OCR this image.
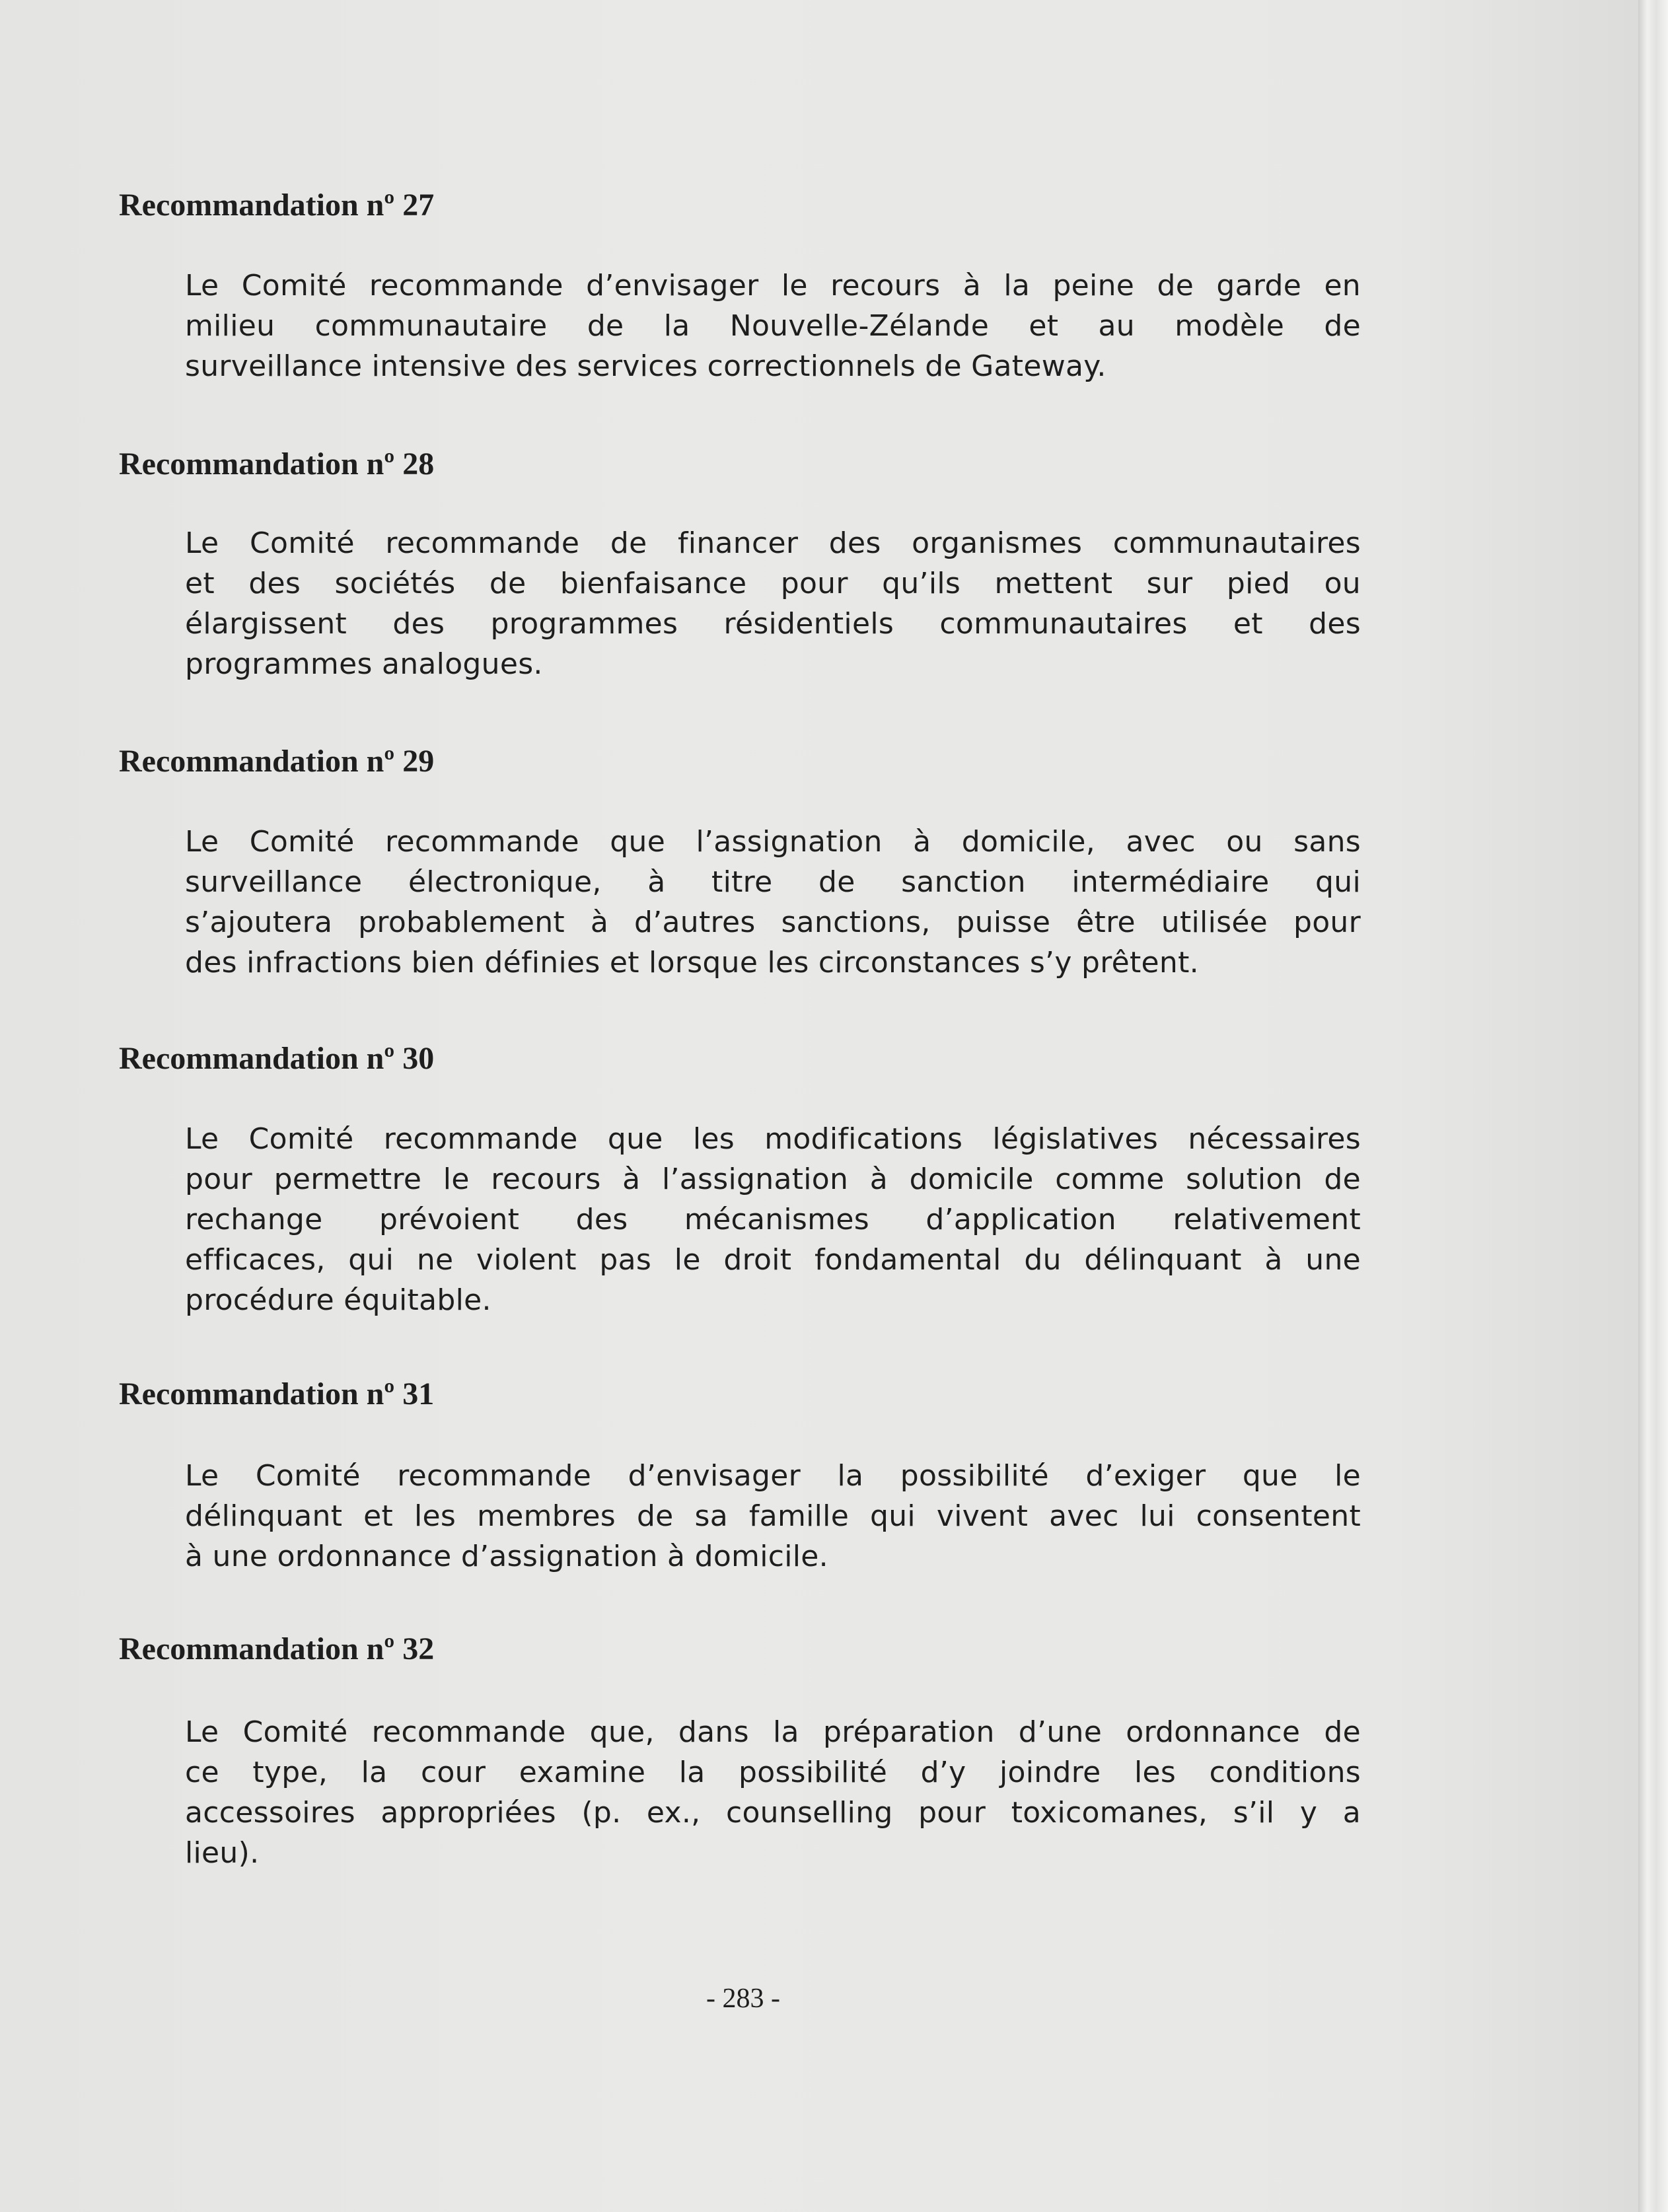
Recommandation nº 27
Le Comité recommande d’envisager le recours à la peine de garde en
milieu communautaire de la Nouvelle-Zélande et au modèle de
surveillance intensive des services correctionnels de Gateway.
Recommandation nº 28
Le Comité recommande de financer des organismes communautaires
et des sociétés de bienfaisance pour qu’ils mettent sur pied ou
élargissent des programmes résidentiels communautaires et des
programmes analogues.
Recommandation nº 29
Le Comité recommande que l’assignation à domicile, avec ou sans
surveillance électronique, à titre de sanction intermédiaire qui
s’ajoutera probablement à d’autres sanctions, puisse être utilisée pour
des infractions bien définies et lorsque les circonstances s’y prêtent.
Recommandation nº 30
Le Comité recommande que les modifications législatives nécessaires
pour permettre le recours à l’assignation à domicile comme solution de
rechange prévoient des mécanismes d’application relativement
efficaces, qui ne violent pas le droit fondamental du délinquant à une
procédure équitable.
Recommandation nº 31
Le Comité recommande d’envisager la possibilité d’exiger que le
délinquant et les membres de sa famille qui vivent avec lui consentent
à une ordonnance d’assignation à domicile.
Recommandation nº 32
Le Comité recommande que, dans la préparation d’une ordonnance de
ce type, la cour examine la possibilité d’y joindre les conditions
accessoires appropriées (p. ex., counselling pour toxicomanes, s’il y a
lieu).
- 283 -
